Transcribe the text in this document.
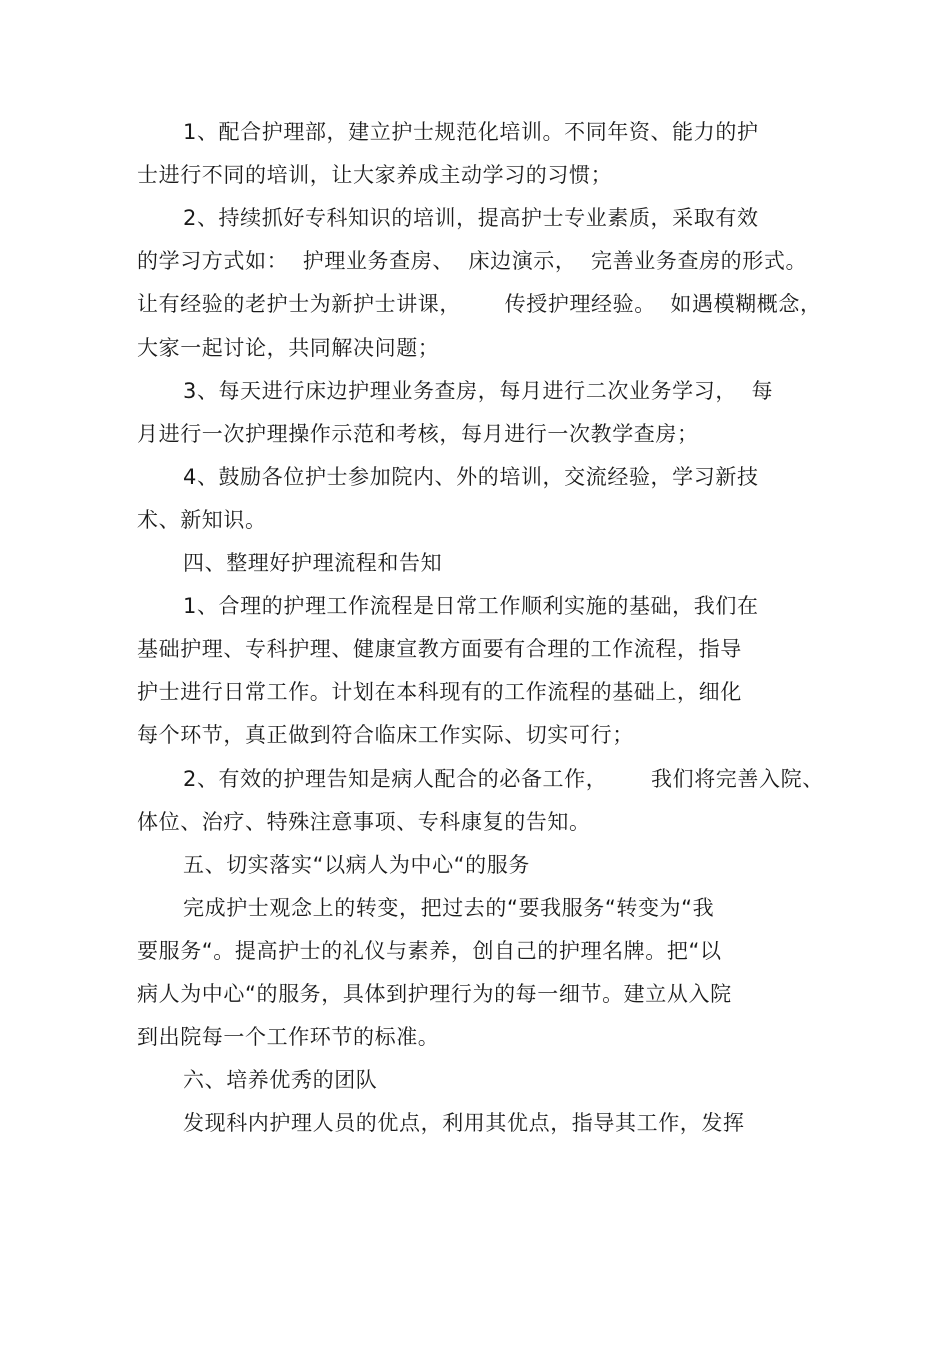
1、配合护理部，建立护士规范化培训。不同年资、能力的护
士进行不同的培训，让大家养成主动学习的习惯；
2、持续抓好专科知识的培训，提高护士专业素质，采取有效
的学习方式如：  护理业务查房、  床边演示，  完善业务查房的形式。
让有经验的老护士为新护士讲课，      传授护理经验。  如遇模糊概念，
大家一起讨论，共同解决问题；
3、每天进行床边护理业务查房，每月进行二次业务学习，  每
月进行一次护理操作示范和考核，每月进行一次教学查房；
4、鼓励各位护士参加院内、外的培训，交流经验，学习新技
术、新知识。
四、整理好护理流程和告知
1、合理的护理工作流程是日常工作顺利实施的基础，我们在
基础护理、专科护理、健康宣教方面要有合理的工作流程，指导
护士进行日常工作。计划在本科现有的工作流程的基础上，细化
每个环节，真正做到符合临床工作实际、切实可行；
2、有效的护理告知是病人配合的必备工作，      我们将完善入院、
体位、治疗、特殊注意事项、专科康复的告知。
五、切实落实“以病人为中心“的服务
完成护士观念上的转变，把过去的“要我服务“转变为“我
要服务“。提高护士的礼仪与素养，创自己的护理名牌。把“以
病人为中心“的服务，具体到护理行为的每一细节。建立从入院
到出院每一个工作环节的标准。
六、培养优秀的团队
发现科内护理人员的优点，利用其优点，指导其工作，发挥
